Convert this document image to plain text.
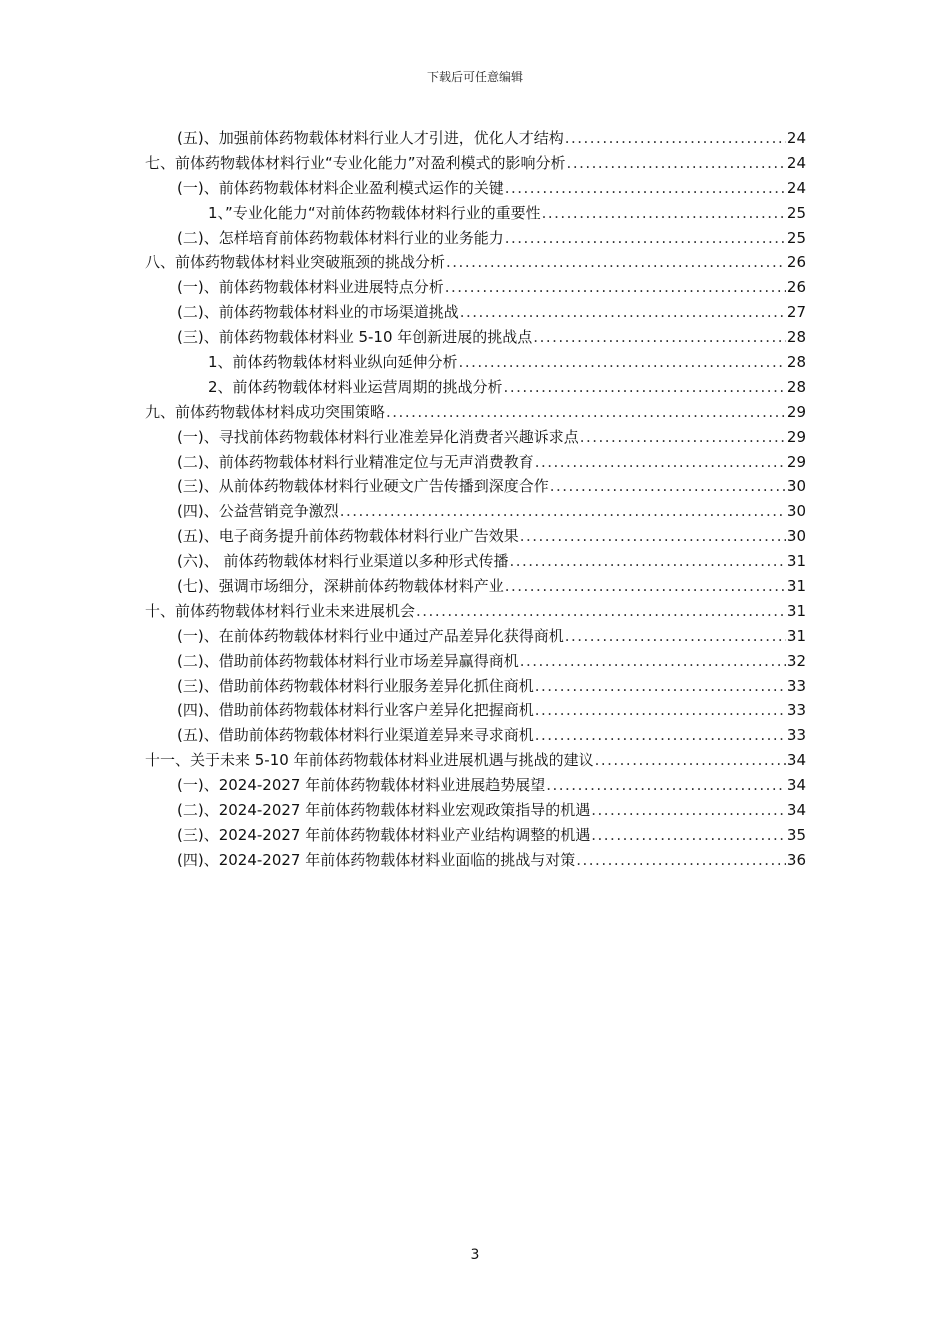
下载后可任意编辑
(五)、加强前体药物载体材料行业人才引进，优化人才结构 .....	24
七、前体药物载体材料行业“专业化能力”对盈利模式的影响分析 .....	24
(一)、前体药物载体材料企业盈利模式运作的关键 .....	24
1、”专业化能力“对前体药物载体材料行业的重要性 .....	25
(二)、怎样培育前体药物载体材料行业的业务能力 .....	25
八、前体药物载体材料业突破瓶颈的挑战分析 .....	26
(一)、前体药物载体材料业进展特点分析 .....	26
(二)、前体药物载体材料业的市场渠道挑战 .....	27
(三)、前体药物载体材料业 5-10 年创新进展的挑战点 .....	28
1、前体药物载体材料业纵向延伸分析 .....	28
2、前体药物载体材料业运营周期的挑战分析 .....	28
九、前体药物载体材料成功突围策略 .....	29
(一)、寻找前体药物载体材料行业准差异化消费者兴趣诉求点 .....	29
(二)、前体药物载体材料行业精准定位与无声消费教育 .....	29
(三)、从前体药物载体材料行业硬文广告传播到深度合作 .....	30
(四)、公益营销竞争激烈 .....	30
(五)、电子商务提升前体药物载体材料行业广告效果 .....	30
(六)、 前体药物载体材料行业渠道以多种形式传播 .....	31
(七)、强调市场细分，深耕前体药物载体材料产业 .....	31
十、前体药物载体材料行业未来进展机会 .....	31
(一)、在前体药物载体材料行业中通过产品差异化获得商机 .....	31
(二)、借助前体药物载体材料行业市场差异赢得商机 .....	32
(三)、借助前体药物载体材料行业服务差异化抓住商机 .....	33
(四)、借助前体药物载体材料行业客户差异化把握商机 .....	33
(五)、借助前体药物载体材料行业渠道差异来寻求商机 .....	33
十一、关于未来 5-10 年前体药物载体材料业进展机遇与挑战的建议 .....	34
(一)、2024-2027 年前体药物载体材料业进展趋势展望 .....	34
(二)、2024-2027 年前体药物载体材料业宏观政策指导的机遇 .....	34
(三)、2024-2027 年前体药物载体材料业产业结构调整的机遇 .....	35
(四)、2024-2027 年前体药物载体材料业面临的挑战与对策 .....	36
3
